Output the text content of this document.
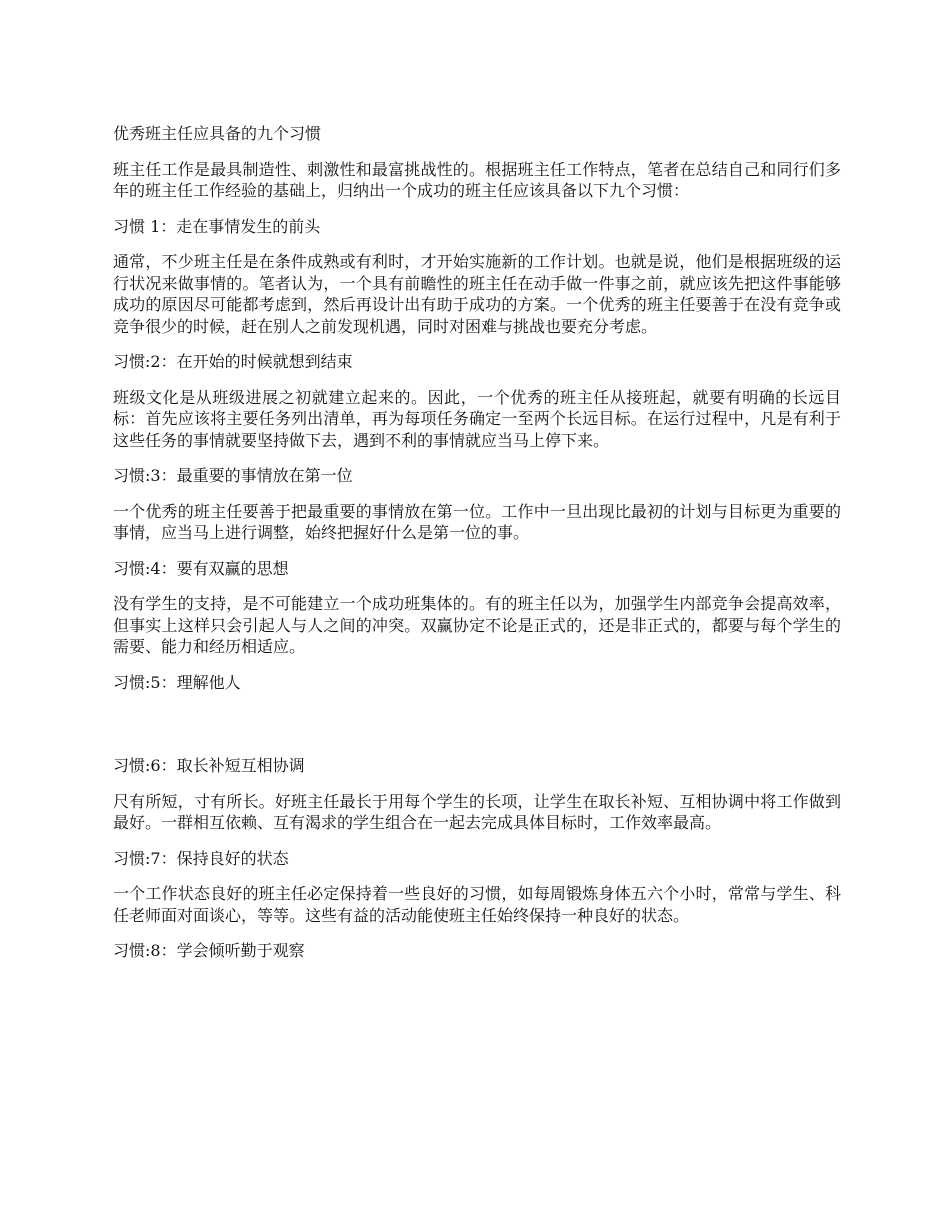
优秀班主任应具备的九个习惯

班主任工作是最具制造性、刺激性和最富挑战性的。根据班主任工作特点，笔者在总结自己和同行们多年的班主任工作经验的基础上，归纳出一个成功的班主任应该具备以下九个习惯：

习惯 1：走在事情发生的前头

通常，不少班主任是在条件成熟或有利时，才开始实施新的工作计划。也就是说，他们是根据班级的运行状况来做事情的。笔者认为，一个具有前瞻性的班主任在动手做一件事之前，就应该先把这件事能够成功的原因尽可能都考虑到，然后再设计出有助于成功的方案。一个优秀的班主任要善于在没有竞争或竞争很少的时候，赶在别人之前发现机遇，同时对困难与挑战也要充分考虑。

习惯:2：在开始的时候就想到结束

班级文化是从班级进展之初就建立起来的。因此，一个优秀的班主任从接班起，就要有明确的长远目标：首先应该将主要任务列出清单，再为每项任务确定一至两个长远目标。在运行过程中，凡是有利于这些任务的事情就要坚持做下去，遇到不利的事情就应当马上停下来。

习惯:3：最重要的事情放在第一位

一个优秀的班主任要善于把最重要的事情放在第一位。工作中一旦出现比最初的计划与目标更为重要的事情，应当马上进行调整，始终把握好什么是第一位的事。

习惯:4：要有双赢的思想

没有学生的支持，是不可能建立一个成功班集体的。有的班主任以为，加强学生内部竞争会提高效率，但事实上这样只会引起人与人之间的冲突。双赢协定不论是正式的，还是非正式的，都要与每个学生的需要、能力和经历相适应。

习惯:5：理解他人

习惯:6：取长补短互相协调

尺有所短，寸有所长。好班主任最长于用每个学生的长项，让学生在取长补短、互相协调中将工作做到最好。一群相互依赖、互有渴求的学生组合在一起去完成具体目标时，工作效率最高。

习惯:7：保持良好的状态

一个工作状态良好的班主任必定保持着一些良好的习惯，如每周锻炼身体五六个小时，常常与学生、科任老师面对面谈心，等等。这些有益的活动能使班主任始终保持一种良好的状态。

习惯:8：学会倾听勤于观察
